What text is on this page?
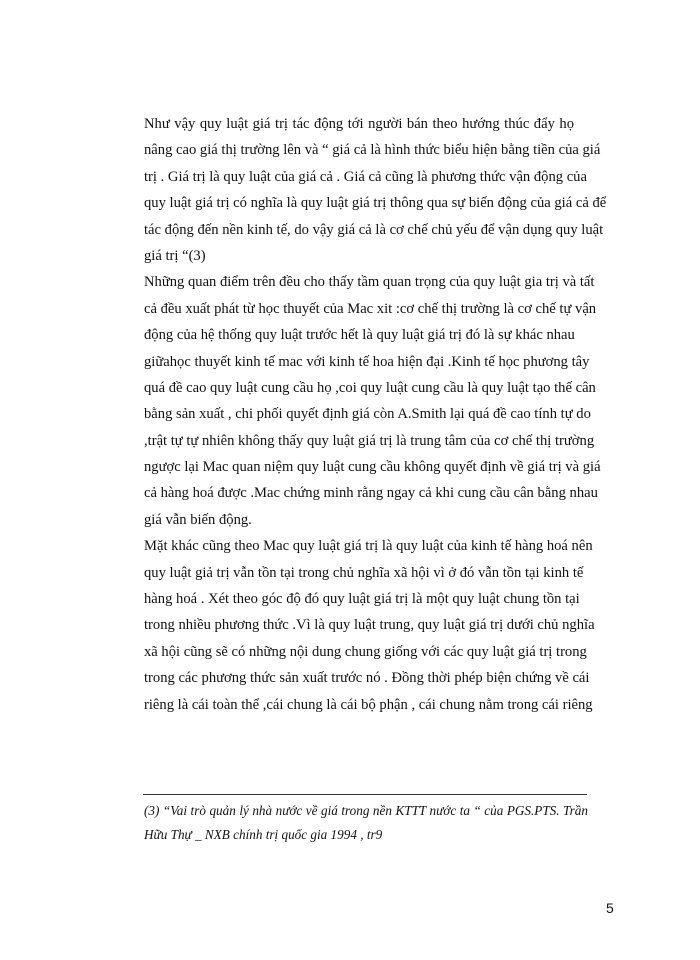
Như vậy quy luật giá trị tác động tới người bán theo hướng thúc đẩy họ
nâng cao giá thị trường lên và “ giá cả là hình thức biểu hiện bằng tiền của giá
trị . Giá trị là quy luật của giá cả . Giá cả cũng là phương thức vận động của
quy luật giá trị có nghĩa là quy luật giá trị thông qua sự biến động của giá cả để
tác động đến nền kinh tế, do vậy giá cả là cơ chế chủ yếu để vận dụng quy luật
giá trị “(3)
Những quan điểm trên đều cho thấy tầm quan trọng của quy luật gia trị và tất
cả đều xuất phát từ học thuyết của Mac xit :cơ chế thị trường là cơ chế tự vận
động của hệ thống quy luật trước hết là quy luật giá trị đó là sự khác nhau
giữahọc thuyết kinh tế mac với kinh tế hoa hiện đại .Kinh tế học phương tây
quá đề cao quy luật cung cầu họ ,coi quy luật cung cầu là quy luật tạo thế cân
bằng sản xuất , chi phối quyết định giá còn A.Smith lại quá đề cao tính tự do
,trật tự tự nhiên không thấy quy luật giá trị là trung tâm của cơ chế thị trường
ngược lại Mac quan niệm quy luật cung cầu không quyết định về giá trị và giá
cả hàng hoá được .Mac chứng minh rằng ngay cả khi cung cầu cân bằng nhau
giá vẫn biến động.
Mặt khác cũng theo Mac quy luật giá trị là quy luật của kinh tế hàng hoá nên
quy luật giả trị vẫn tồn tại trong chủ nghĩa xã hội vì ở đó vẫn tồn tại kinh tế
hàng hoá . Xét theo góc độ đó quy luật giá trị là một quy luật chung tồn tại
trong nhiều phương thức .Vì là quy luật trung, quy luật giá trị dưới chủ nghĩa
xã hội cũng sẽ có những nội dung chung giống với các quy luật giá trị trong
trong các phương thức sản xuất trước nó . Đồng thời phép biện chứng về cái
riêng là cái toàn thể ,cái chung là cái bộ phận , cái chung nằm trong cái riêng
(3) “Vai trò quản lý nhà nước về giá trong nền KTTT nước ta “ của PGS.PTS. Trần
Hữu Thự _ NXB chính trị quốc gia 1994 , tr9
5
